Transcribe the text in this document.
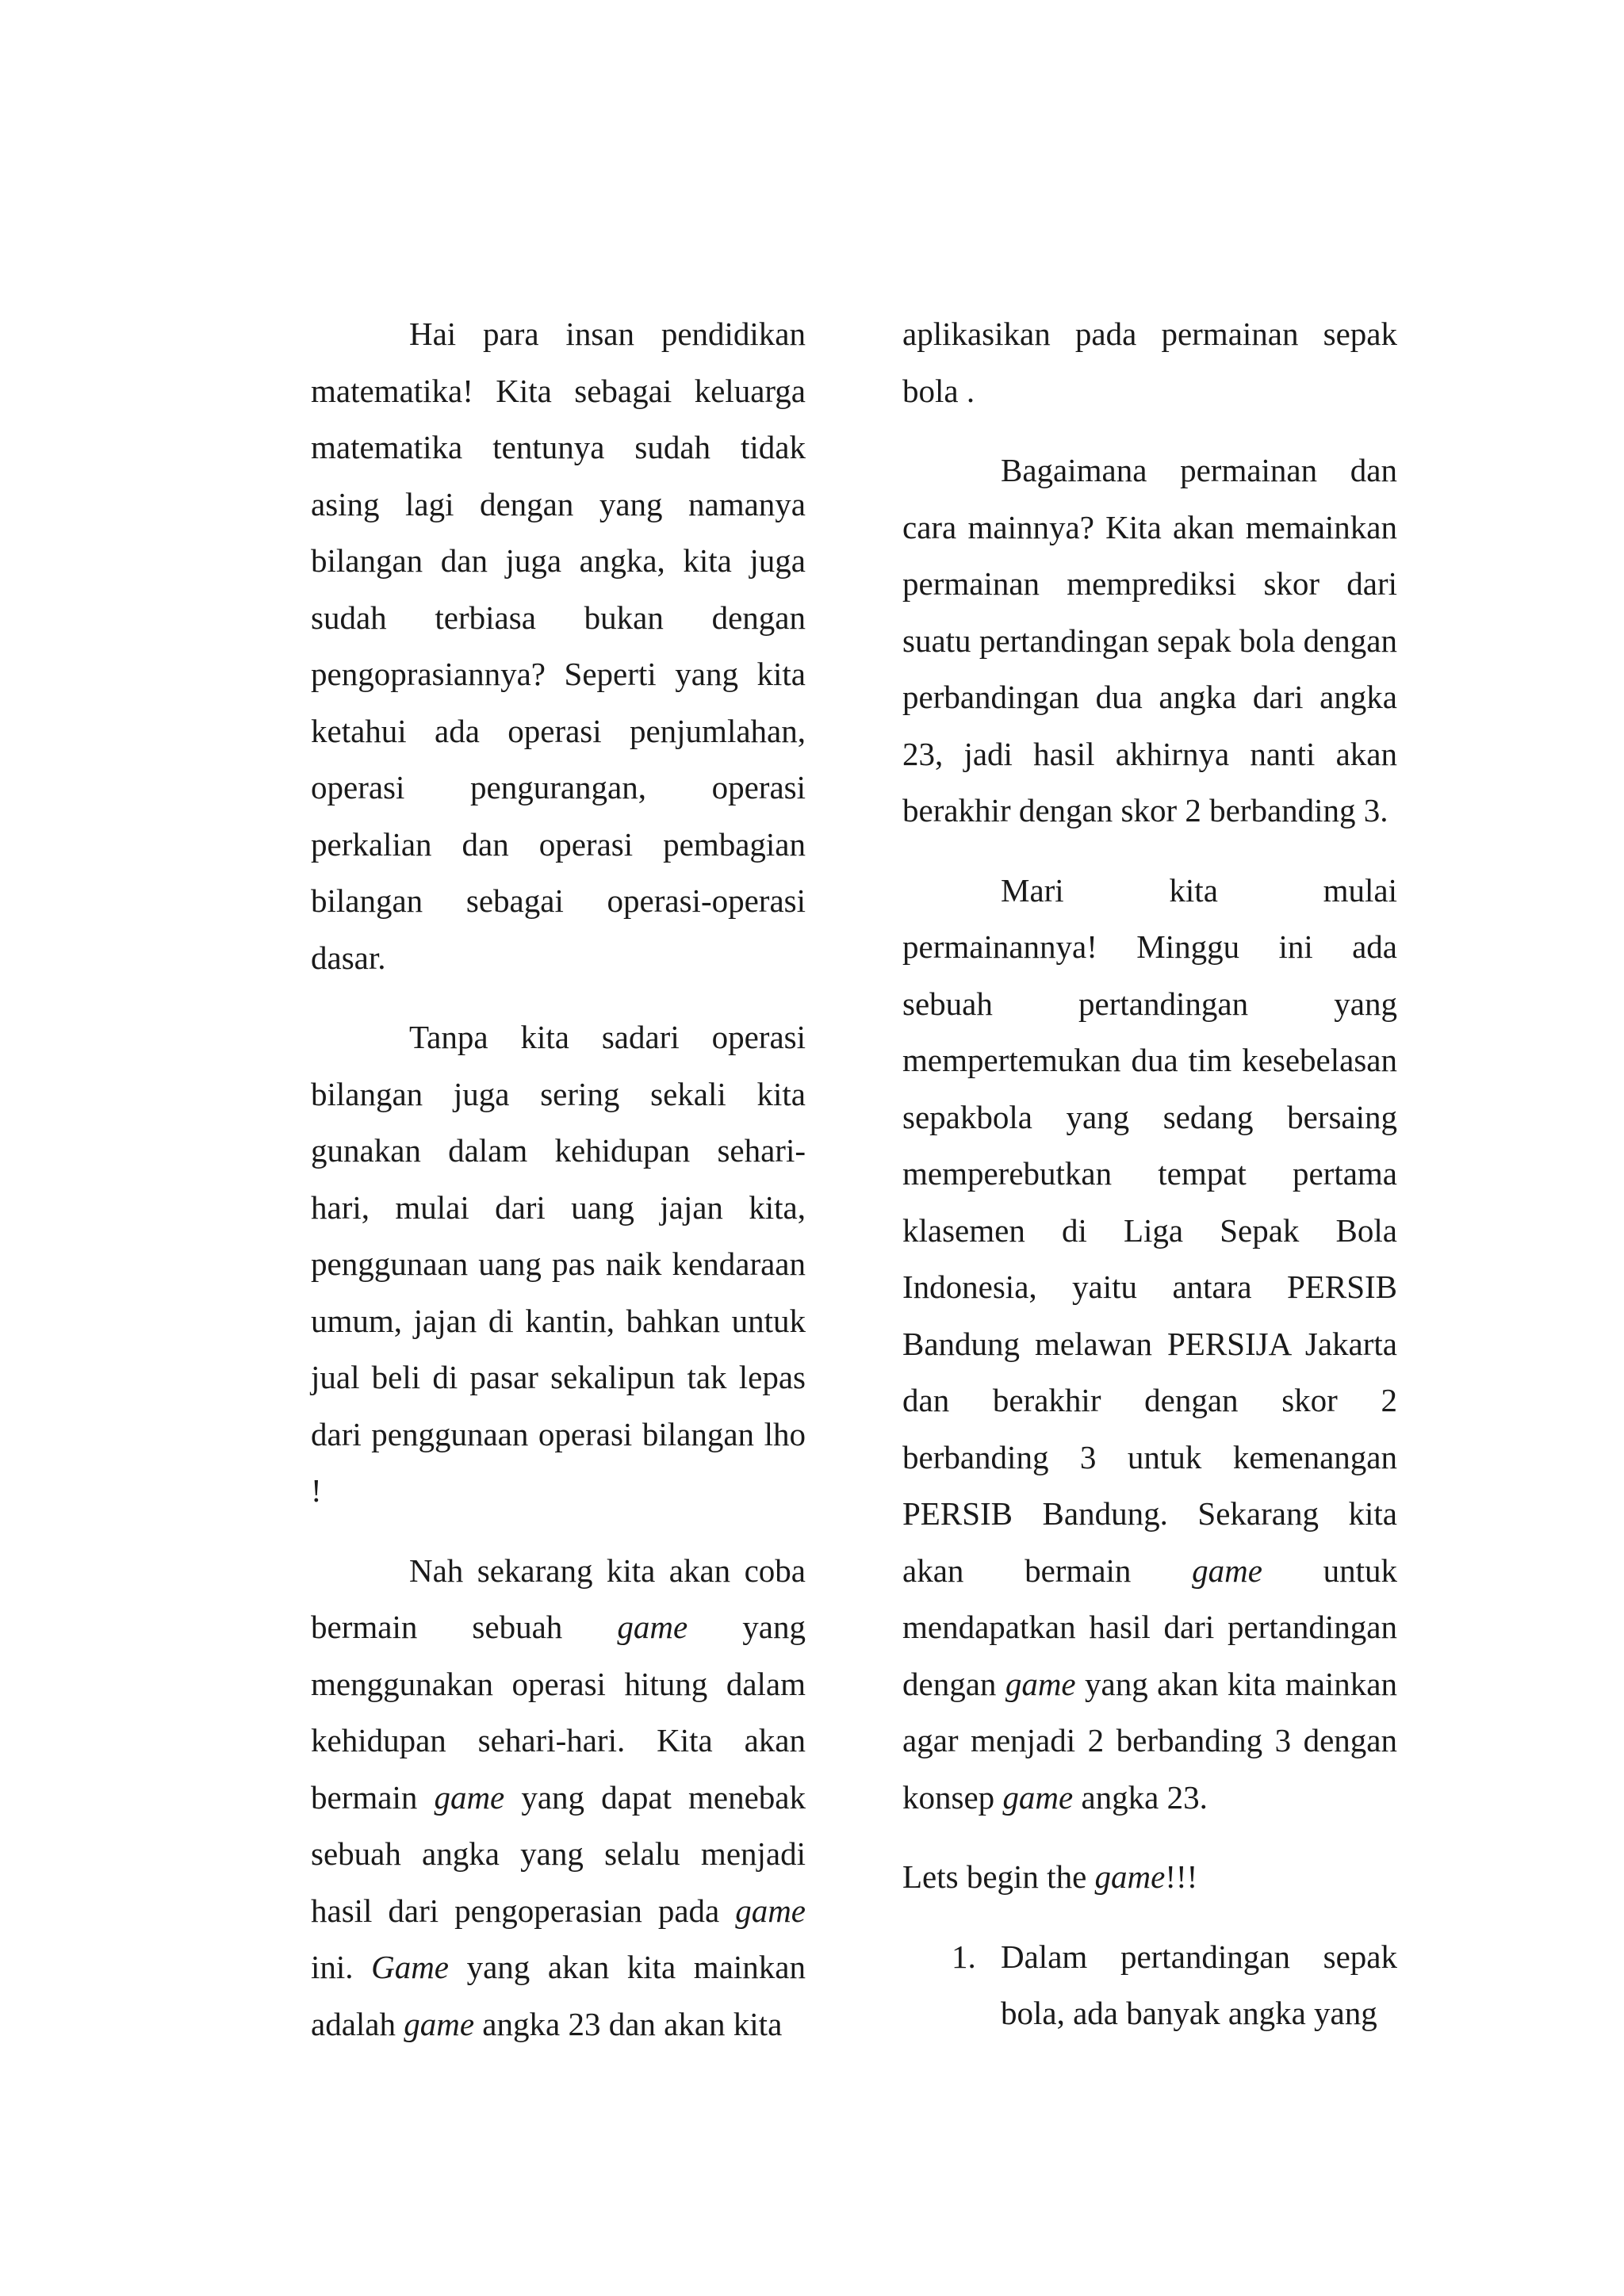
Hai para insan pendidikan matematika! Kita sebagai keluarga matematika tentunya sudah tidak asing lagi dengan yang namanya bilangan dan juga angka, kita juga sudah terbiasa bukan dengan pengoprasiannya? Seperti yang kita ketahui ada operasi penjumlahan, operasi pengurangan, operasi perkalian dan operasi pembagian bilangan sebagai operasi-operasi dasar.

Tanpa kita sadari operasi bilangan juga sering sekali kita gunakan dalam kehidupan sehari-hari, mulai dari uang jajan kita, penggunaan uang pas naik kendaraan umum, jajan di kantin, bahkan untuk jual beli di pasar sekalipun tak lepas dari penggunaan operasi bilangan lho !

Nah sekarang kita akan coba bermain sebuah game yang menggunakan operasi hitung dalam kehidupan sehari-hari. Kita akan bermain game yang dapat menebak sebuah angka yang selalu menjadi hasil dari pengoperasian pada game ini. Game yang akan kita mainkan adalah game angka 23 dan akan kita

aplikasikan pada permainan sepak bola .

Bagaimana permainan dan cara mainnya? Kita akan memainkan permainan memprediksi skor dari suatu pertandingan sepak bola dengan perbandingan dua angka dari angka 23, jadi hasil akhirnya nanti akan berakhir dengan skor 2 berbanding 3.

Mari kita mulai permainannya! Minggu ini ada sebuah pertandingan yang mempertemukan dua tim kesebelasan sepakbola yang sedang bersaing memperebutkan tempat pertama klasemen di Liga Sepak Bola Indonesia, yaitu antara PERSIB Bandung melawan PERSIJA Jakarta dan berakhir dengan skor 2 berbanding 3 untuk kemenangan PERSIB Bandung. Sekarang kita akan bermain game untuk mendapatkan hasil dari pertandingan dengan game yang akan kita mainkan agar menjadi 2 berbanding 3 dengan konsep game angka 23.

Lets begin the game!!!

1. Dalam pertandingan sepak bola, ada banyak angka yang
